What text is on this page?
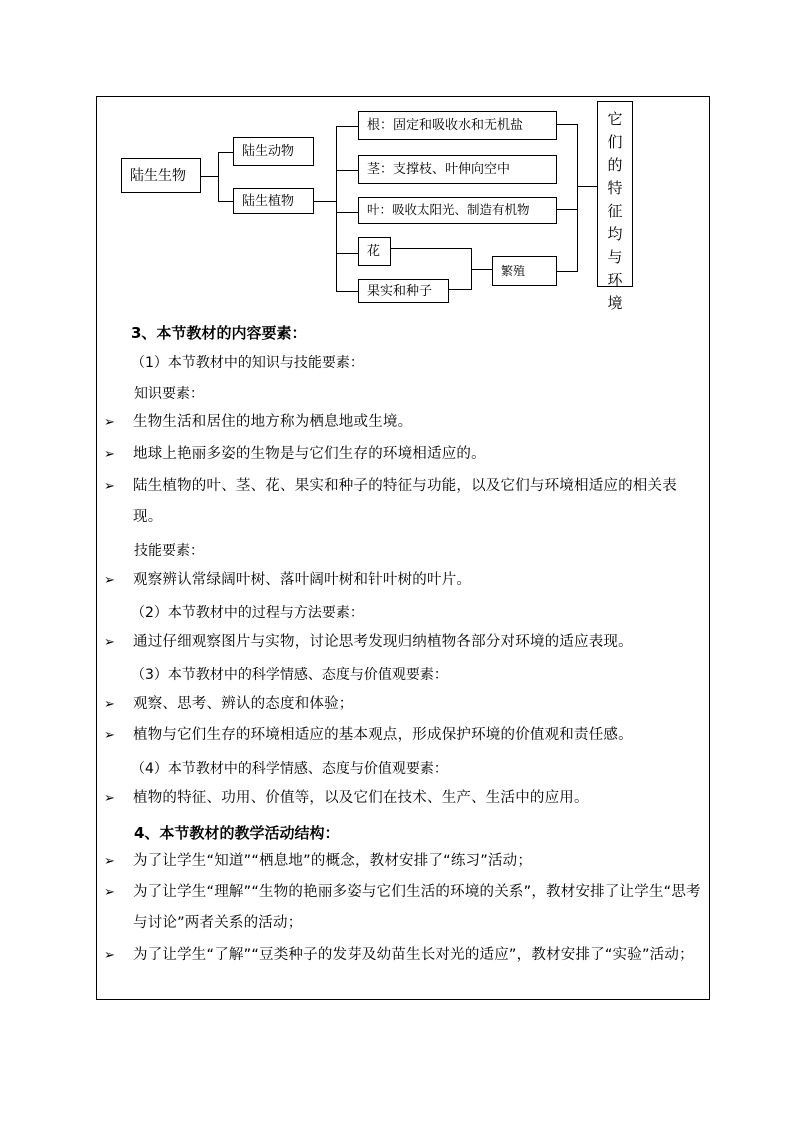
陆生生物
陆生动物
陆生植物
根：固定和吸收水和无机盐
茎：支撑枝、叶伸向空中
叶：吸收太阳光、制造有机物
花
果实和种子
繁殖
它们的特征均与环境
3、本节教材的内容要素：
（1）本节教材中的知识与技能要素：
知识要素：
➢ 生物生活和居住的地方称为栖息地或生境。
➢ 地球上艳丽多姿的生物是与它们生存的环境相适应的。
➢ 陆生植物的叶、茎、花、果实和种子的特征与功能，以及它们与环境相适应的相关表现。
技能要素：
➢ 观察辨认常绿阔叶树、落叶阔叶树和针叶树的叶片。
（2）本节教材中的过程与方法要素：
➢ 通过仔细观察图片与实物，讨论思考发现归纳植物各部分对环境的适应表现。
（3）本节教材中的科学情感、态度与价值观要素：
➢ 观察、思考、辨认的态度和体验；
➢ 植物与它们生存的环境相适应的基本观点，形成保护环境的价值观和责任感。
（4）本节教材中的科学情感、态度与价值观要素：
➢ 植物的特征、功用、价值等，以及它们在技术、生产、生活中的应用。
4、本节教材的教学活动结构：
➢ 为了让学生“知道”“栖息地”的概念，教材安排了“练习”活动；
➢ 为了让学生“理解”“生物的艳丽多姿与它们生活的环境的关系”，教材安排了让学生“思考与讨论”两者关系的活动；
➢ 为了让学生“了解”“豆类种子的发芽及幼苗生长对光的适应”，教材安排了“实验”活动；
